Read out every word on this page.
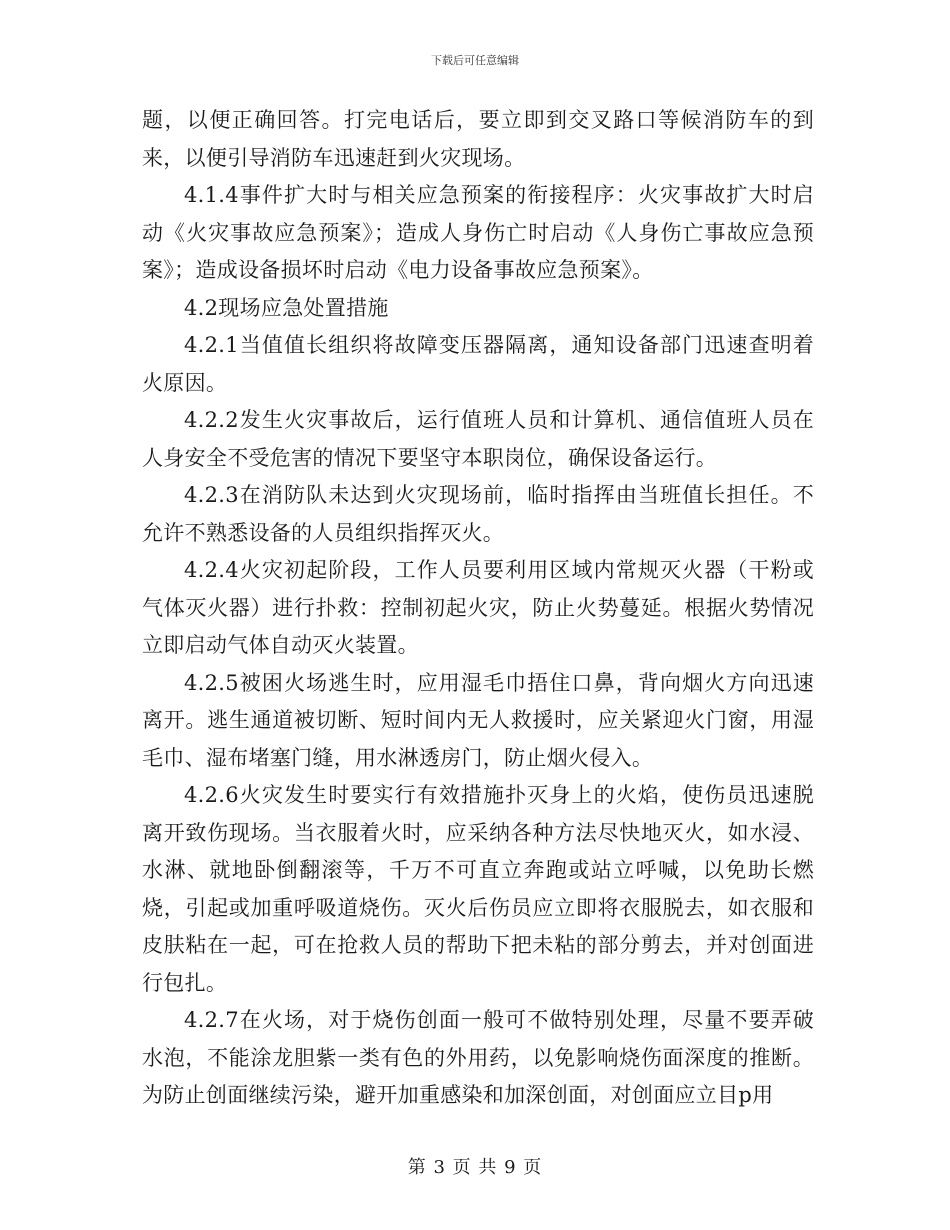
下载后可任意编辑

题，以便正确回答。打完电话后，要立即到交叉路口等候消防车的到来，以便引导消防车迅速赶到火灾现场。

4.1.4事件扩大时与相关应急预案的衔接程序：火灾事故扩大时启动《火灾事故应急预案》；造成人身伤亡时启动《人身伤亡事故应急预案》；造成设备损坏时启动《电力设备事故应急预案》。

4.2现场应急处置措施

4.2.1当值值长组织将故障变压器隔离，通知设备部门迅速查明着火原因。

4.2.2发生火灾事故后，运行值班人员和计算机、通信值班人员在人身安全不受危害的情况下要坚守本职岗位，确保设备运行。

4.2.3在消防队未达到火灾现场前，临时指挥由当班值长担任。不允许不熟悉设备的人员组织指挥灭火。

4.2.4火灾初起阶段，工作人员要利用区域内常规灭火器（干粉或气体灭火器）进行扑救：控制初起火灾，防止火势蔓延。根据火势情况立即启动气体自动灭火装置。

4.2.5被困火场逃生时，应用湿毛巾捂住口鼻，背向烟火方向迅速离开。逃生通道被切断、短时间内无人救援时，应关紧迎火门窗，用湿毛巾、湿布堵塞门缝，用水淋透房门，防止烟火侵入。

4.2.6火灾发生时要实行有效措施扑灭身上的火焰，使伤员迅速脱离开致伤现场。当衣服着火时，应采纳各种方法尽快地灭火，如水浸、水淋、就地卧倒翻滚等，千万不可直立奔跑或站立呼喊，以免助长燃烧，引起或加重呼吸道烧伤。灭火后伤员应立即将衣服脱去，如衣服和皮肤粘在一起，可在抢救人员的帮助下把未粘的部分剪去，并对创面进行包扎。

4.2.7在火场，对于烧伤创面一般可不做特别处理，尽量不要弄破水泡，不能涂龙胆紫一类有色的外用药，以免影响烧伤面深度的推断。为防止创面继续污染，避开加重感染和加深创面，对创面应立目p用

第 3 页 共 9 页
